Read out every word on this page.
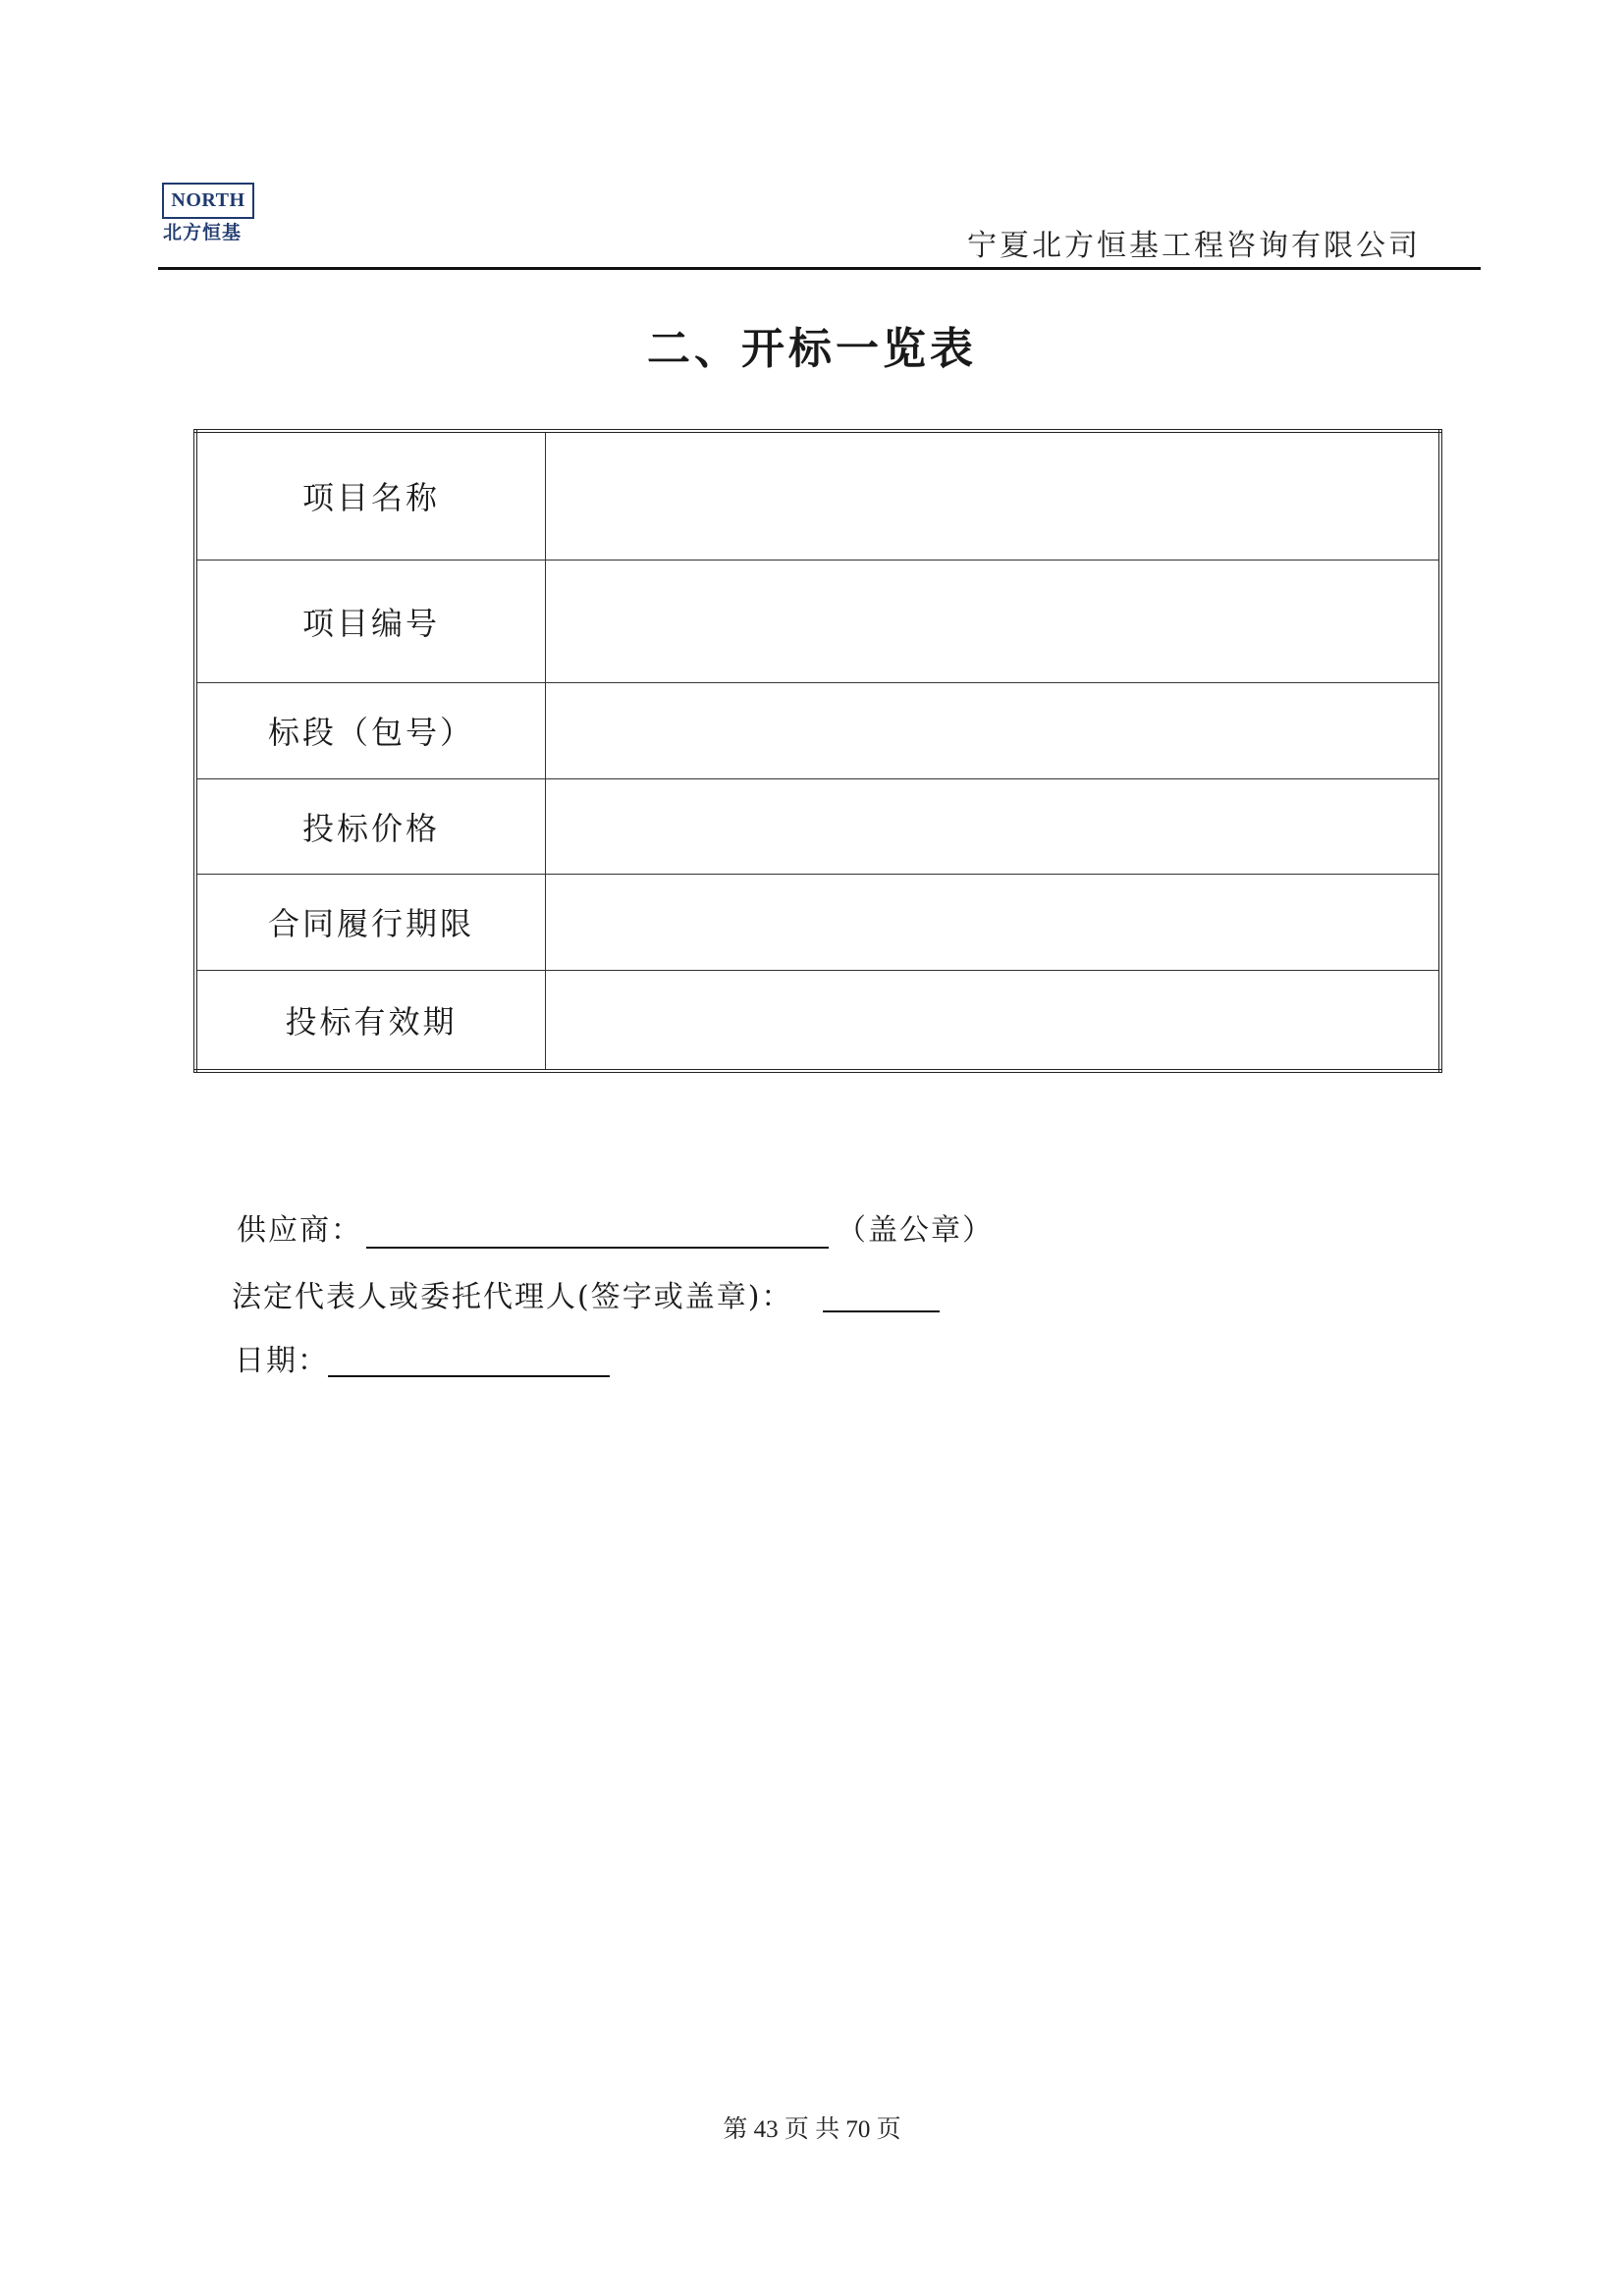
NORTH
北方恒基	宁夏北方恒基工程咨询有限公司
二、开标一览表
项目名称	
项目编号	
标段（包号）	
投标价格	
合同履行期限	
投标有效期	
供应商：	（盖公章）
法定代表人或委托代理人(签字或盖章)：
日期：
第 43 页 共 70 页
